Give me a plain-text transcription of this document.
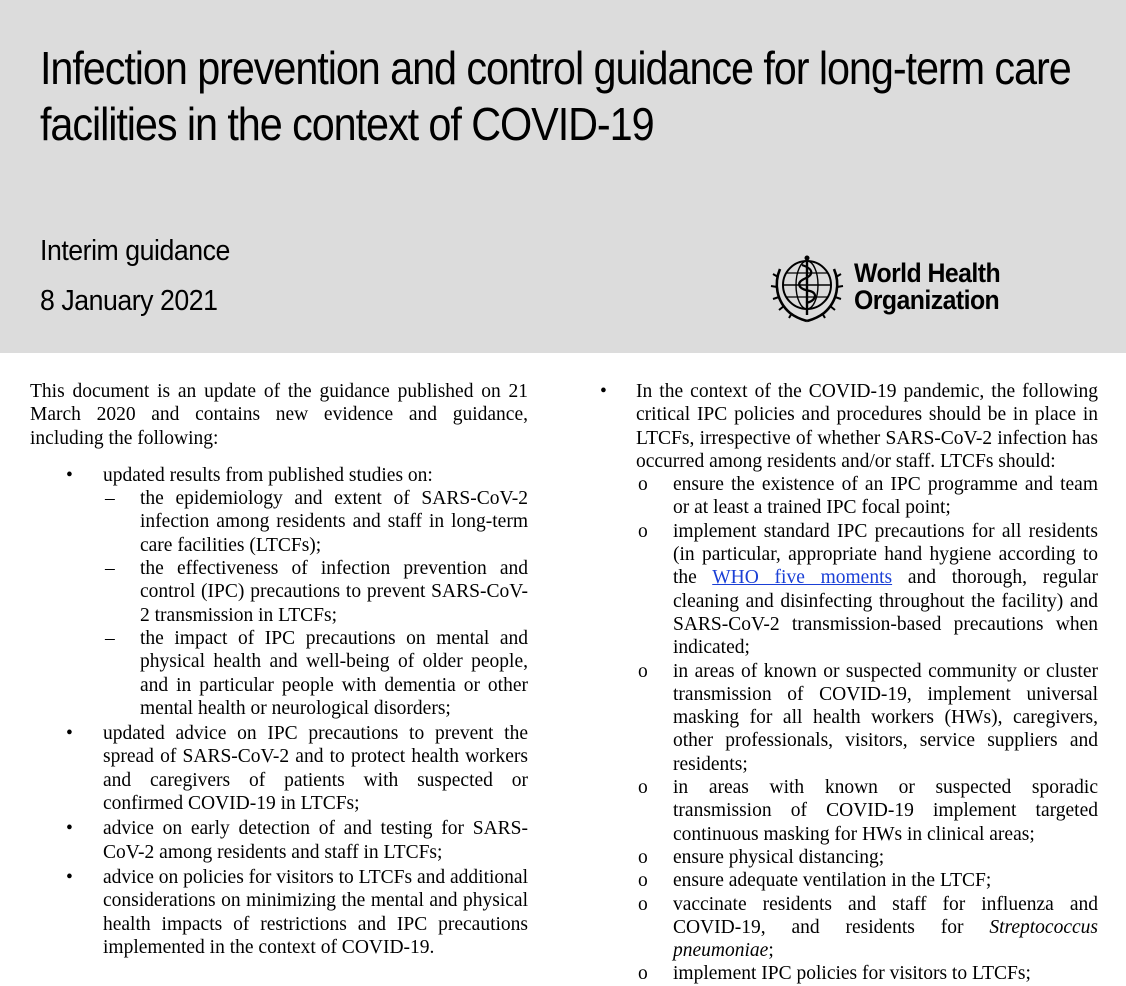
Infection prevention and control guidance for long-term care facilities in the context of COVID-19
Interim guidance
8 January 2021
World Health
Organization

This document is an update of the guidance published on 21 March 2020 and contains new evidence and guidance, including the following:

• updated results from published studies on:
– the epidemiology and extent of SARS-CoV-2 infection among residents and staff in long-term care facilities (LTCFs);
– the effectiveness of infection prevention and control (IPC) precautions to prevent SARS-CoV-2 transmission in LTCFs;
– the impact of IPC precautions on mental and physical health and well-being of older people, and in particular people with dementia or other mental health or neurological disorders;
• updated advice on IPC precautions to prevent the spread of SARS-CoV-2 and to protect health workers and caregivers of patients with suspected or confirmed COVID-19 in LTCFs;
• advice on early detection of and testing for SARS-CoV-2 among residents and staff in LTCFs;
• advice on policies for visitors to LTCFs and additional considerations on minimizing the mental and physical health impacts of restrictions and IPC precautions implemented in the context of COVID-19.
• In the context of the COVID-19 pandemic, the following critical IPC policies and procedures should be in place in LTCFs, irrespective of whether SARS-CoV-2 infection has occurred among residents and/or staff. LTCFs should:
o ensure the existence of an IPC programme and team or at least a trained IPC focal point;
o implement standard IPC precautions for all residents (in particular, appropriate hand hygiene according to the WHO five moments and thorough, regular cleaning and disinfecting throughout the facility) and SARS-CoV-2 transmission-based precautions when indicated;
o in areas of known or suspected community or cluster transmission of COVID-19, implement universal masking for all health workers (HWs), caregivers, other professionals, visitors, service suppliers and residents;
o in areas with known or suspected sporadic transmission of COVID-19 implement targeted continuous masking for HWs in clinical areas;
o ensure physical distancing;
o ensure adequate ventilation in the LTCF;
o vaccinate residents and staff for influenza and COVID-19, and residents for Streptococcus pneumoniae;
o implement IPC policies for visitors to LTCFs;
